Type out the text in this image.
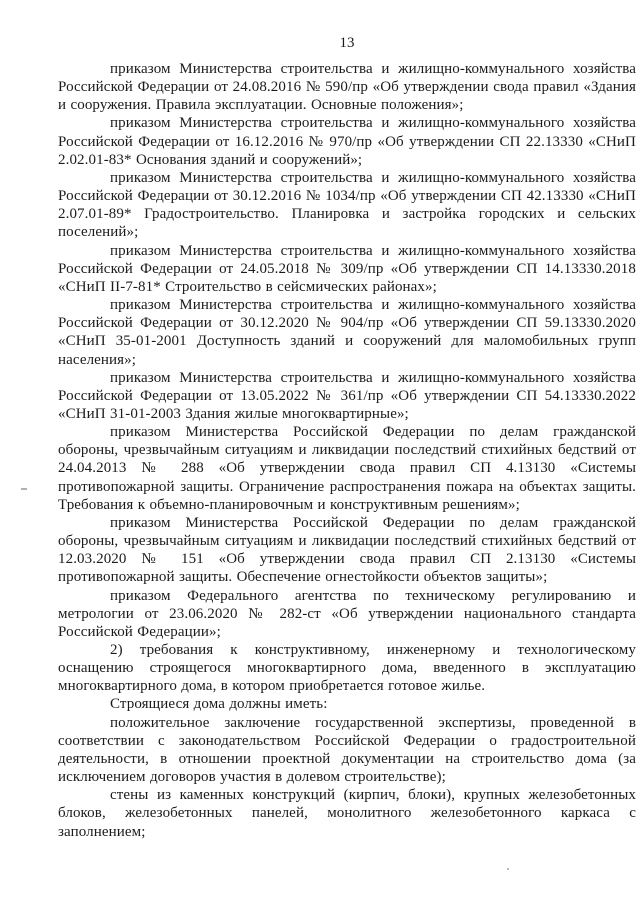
13

приказом Министерства строительства и жилищно-коммунального хозяйства Российской Федерации от 24.08.2016 № 590/пр «Об утверждении свода правил «Здания и сооружения. Правила эксплуатации. Основные положения»;

приказом Министерства строительства и жилищно-коммунального хозяйства Российской Федерации от 16.12.2016 № 970/пр «Об утверждении СП 22.13330 «СНиП 2.02.01-83* Основания зданий и сооружений»;

приказом Министерства строительства и жилищно-коммунального хозяйства Российской Федерации от 30.12.2016 № 1034/пр «Об утверждении СП 42.13330 «СНиП 2.07.01-89* Градостроительство. Планировка и застройка городских и сельских поселений»;

приказом Министерства строительства и жилищно-коммунального хозяйства Российской Федерации от 24.05.2018 № 309/пр «Об утверждении СП 14.13330.2018 «СНиП II-7-81* Строительство в сейсмических районах»;

приказом Министерства строительства и жилищно-коммунального хозяйства Российской Федерации от 30.12.2020 № 904/пр «Об утверждении СП 59.13330.2020 «СНиП 35-01-2001 Доступность зданий и сооружений для маломобильных групп населения»;

приказом Министерства строительства и жилищно-коммунального хозяйства Российской Федерации от 13.05.2022 № 361/пр «Об утверждении СП 54.13330.2022 «СНиП 31-01-2003 Здания жилые многоквартирные»;

приказом Министерства Российской Федерации по делам гражданской обороны, чрезвычайным ситуациям и ликвидации последствий стихийных бедствий от 24.04.2013 № 288 «Об утверждении свода правил СП 4.13130 «Системы противопожарной защиты. Ограничение распространения пожара на объектах защиты. Требования к объемно-планировочным и конструктивным решениям»;

приказом Министерства Российской Федерации по делам гражданской обороны, чрезвычайным ситуациям и ликвидации последствий стихийных бедствий от 12.03.2020 № 151 «Об утверждении свода правил СП 2.13130 «Системы противопожарной защиты. Обеспечение огнестойкости объектов защиты»;

приказом Федерального агентства по техническому регулированию и метрологии от 23.06.2020 № 282-ст «Об утверждении национального стандарта Российской Федерации»;

2) требования к конструктивному, инженерному и технологическому оснащению строящегося многоквартирного дома, введенного в эксплуатацию многоквартирного дома, в котором приобретается готовое жилье.

Строящиеся дома должны иметь:

положительное заключение государственной экспертизы, проведенной в соответствии с законодательством Российской Федерации о градостроительной деятельности, в отношении проектной документации на строительство дома (за исключением договоров участия в долевом строительстве);

стены из каменных конструкций (кирпич, блоки), крупных железобетонных блоков, железобетонных панелей, монолитного железобетонного каркаса с заполнением;
